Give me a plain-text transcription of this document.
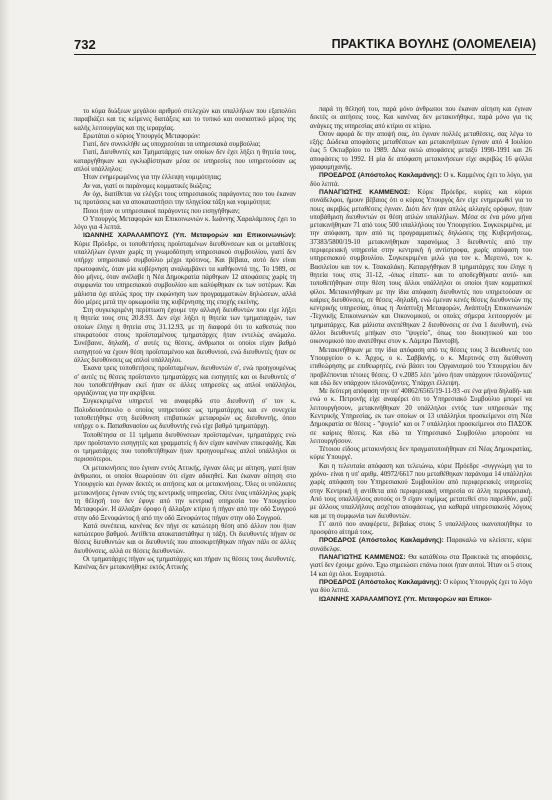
732	ΠΡΑΚΤΙΚΑ ΒΟΥΛΗΣ (ΟΛΟΜΕΛΕΙΑ)

το κύμα διώξεων μεγάλου αριθμού στελεχών και υπαλλήλων που εξαπολύει παραβιάζει και τις κείμενες διατάξεις και το τυπικό και ουσιαστικό μέρος της καλής λειτουργίας και της ιεραρχίας.

Ερωτάται ο κύριος Υπουργός Μεταφορών:

Γιατί, δεν συνεκλήθε ως υποχρεούται τα υπηρεσιακά συμβούλια;

Γιατί, Διευθυντές και Τμηματάρχες των οποίων δεν έχει λήξει η θητεία τους, καταργήθηκαν και εγκλωβίστηκαν μέσα σε υπηρεσίες που υπηρετούσαν ως απλοί υπάλληλοι;

Ήταν ενημερωμένος για την έλλειψη νομιμότητας;

Αν ναι, γιατί οι παράνομες κομματικές διώξεις;

Αν όχι, διατίθεται να ελέγξει τους υπηρεσιακούς παράγοντες που του έκαναν τις προτάσεις και να αποκαταστήσει την πληγείσα τάξη και νομιμότητα;

Ποιοι ήταν οι υπηρεσιακοί παράγοντες που εισηγήθηκαν;

Ο Υπουργός Μεταφορών και Επικοινωνιών κ. Ιωάννης Χαραλάμπους έχει το λόγο για 4 λεπτά.

ΙΩΑΝΝΗΣ ΧΑΡΑΛΑΜΠΟΥΣ (Υπ. Μεταφορών και Επικοινωνιών): Κύριε Πρόεδρε, οι τοποθετήσεις προϊσταμένων διευθύνσεων και οι μεταθέσεις υπαλλήλων έγιναν χωρίς τη γνωμοδότηση υπηρεσιακού συμβουλίου, γιατί δεν υπήρχε υπηρεσιακό συμβούλιο μέχρι πρότινος. Και βέβαια, αυτό δεν είναι πρωτοφανές, όταν μία κυβέρνηση αναλαμβάνει τα καθήκοντά της. Το 1989, σε δύο μήνες, όταν ανέλαβε η Νέα Δημοκρατία πάρθηκαν 12 αποφάσεις χωρίς τη συμφωνία του υπηρεσιακού συμβουλίου και καλύφθηκαν εκ των υστέρων. Και μάλιστα όχι απλώς προς την εκφώνηση των προγραμματικών δηλώσεων, αλλά δύο μέρες μετά την ορκωμοσία της κυβέρνησης της εποχής εκείνης.

Στη συγκεκριμένη περίπτωση έχουμε την αλλαγή διευθυντών που είχε λήξει η θητεία τους στις 20.8.93. Δεν είχε λήξει η θητεία των τμηματαρχών, των οποίων έληγε η θητεία στις 31.12.93, με τη διαφορά ότι το καθεστώς που επικρατούσε στους προϊσταμένους τμηματάρχες ήταν εντελώς ανώμαλο. Συνέβαινε, δηλαδή, σ' αυτές τις θέσεις, άνθρωποι οι οποίοι είχαν βαθμό εισηγητού να έχουν θέση προϊσταμένου και διευθυντού, ενώ διευθυντές ήταν σε άλλες διευθύνσεις ως απλοί υπάλληλοι.

Έκανα τρεις τοποθετήσεις προϊσταμένων, διευθυντών σ', ενώ προηγουμένως σ' αυτές τις θέσεις προΐσταντο τμηματάρχες και εισηγητές και οι διευθυντές σ' που τοποθετήθηκαν εκεί ήταν σε άλλες υπηρεσίες ως απλοί υπάλληλοι, οργιάζοντας για την ακρίβεια.

Συγκεκριμένα υπηρετεί να αναφερθώ στο διευθυντή σ' τον κ. Πολυδουσόπουλο ο οποίος υπηρετούσε ως τμηματάρχης και εν συνεχεία τοποθετήθηκε στη διεύθυνση επιβατικών μεταφορών ως διευθυντής, όπου υπήρχε ο κ. Παπαθανασίου ως διευθυντής ενώ είχε βαθμό τμηματάρχη.

Τοποθέτησα σε 11 τμήματα διευθύνσεων προϊσταμένων, τμηματάρχες ενώ πριν προΐσταντο εισηγητές και γραμματείς ή δεν είχαν κανέναν επικεφαλής. Και οι τμηματάρχες που τοποθετήθηκαν ήταν προηγουμένως απλοί υπάλληλοι οι περισσότεροι.

Οι μετακινήσεις που έγιναν εντός Αττικής, έγιναν όλες με αίτηση, γιατί ήταν άνθρωποι, οι οποίοι θεωρούσαν ότι είχαν αδικηθεί. Και έκαναν αίτηση στο Υπουργείο και έγιναν δεκτές οι αιτήσεις και οι μετακινήσεις. Όλες οι υπόλοιπες μετακινήσεις έγιναν εντός της κεντρικής υπηρεσίας. Ούτε ένας υπάλληλος χωρίς τη θέλησή του δεν έφυγε από την κεντρική υπηρεσία του Υπουργείου Μεταφορών. Η άλλαξαν όροφο ή άλλαξαν κτίριο ή πήγαν από την οδό Συγγρού στην οδό Ξενοφώντος ή από την οδό Ξενοφώντος πήγαν στην οδό Συγγρού.

Κατά συνέπεια, κανένας δεν πήγε σε κατώτερη θέση από άλλον που ήταν κατώτερου βαθμού. Αντίθετα αποκαταστάθηκε η τάξη. Οι διευθυντές πήγαν σε θέσεις διευθυντών και οι διευθυντές που αποσκιρτήθηκαν πήγαν πάλι σε άλλες διευθύνσεις, αλλά σε θέσεις διευθυντών.

Οι τμηματάρχες πήγαν ως τμηματάρχες και πήραν τις θέσεις τους διευθυντές. Κανένας δεν μετακινήθηκε εκτός Αττικής

παρά τη θέλησή του, παρά μόνο άνθρωποι που έκαναν αίτηση και έγιναν δεκτές οι αιτήσεις τους. Και κανένας δεν μετακινήθηκε, παρά μόνο για τις ανάγκες της υπηρεσίας από κτίριο σε κτίριο.

Όσον αφορά δε την αποψή σας, ότι έγιναν πολλές μεταθέσεις, σας λέγω το εξής: Δώδεκα αποφάσεις μεταθέσεων και μετακινήσεων έγιναν από 4 Ιουλίου έως 5 Οκτωβρίου το 1989. Δέκα οκτώ αποφάσεις μεταξύ 1990-1991 και 26 αποφάσεις το 1992. Η μία δε απόφαση μετακινήσεων είχε ακριβώς 16 φύλλα γραφομηχανής.

ΠΡΟΕΔΡΟΣ (Απόστολος Κακλαμάνης): Ο κ. Καμμένος έχει το λόγο, για δύο λεπτά.

ΠΑΝΑΓΙΩΤΗΣ ΚΑΜΜΕΝΟΣ: Κύριε Πρόεδρε, κυρίες και κύριοι συνάδελφοι, ήμουν βέβαιος ότι ο κύριος Υπουργός δεν είχε ενημερωθεί για το ποιες ακριβώς μεταθέσεις έγιναν. Διότι δεν ήταν απλώς αλλαγές ορόφων, ήταν υποβάθμιση διευθυντών σε θέση απλών υπαλλήλων. Μέσα σε ένα μόνο μήνα μετακινήθηκαν 71 από τους 500 υπαλλήλους του Υπουργείου. Συγκεκριμένα, με την απόφαση, πριν από τις προγραμματικές δηλώσεις της Κυβερνήσεως, 37383/5800/19-10 μετακινήθηκαν παρανόμως 3 διευθυντές από την περιφερειακή υπηρεσία στην κεντρική ή αντίστροφα, χωρίς απόφαση του υπηρεσιακού συμβουλίου. Συγκεκριμένα μιλώ για τον κ. Μερτινό, τον κ. Βασιλείου και τον κ. Τσακαλάκη. Καταργήθηκαν 8 τμηματάρχες που έληγε η θητεία τους στις 31-12, -όπως είπατε- και το αποδεχθήκατε αυτό- και τοποθετήθηκαν στην θέση τους άλλοι υπάλληλοι οι οποίοι ήταν κομματικοί φίλοι. Μετακινήθηκαν με την ίδια απόφαση διευθυντές που υπηρετούσαν σε καίριες διευθύνσεις, σε θέσεις -δηλαδή, ενώ έμεναν κενές θέσεις διευθυντών της κεντρικής υπηρεσίας, όπως η Ανάπτυξη Μεταφορών, Ανάπτυξη Επικοινωνιών -Τεχνικής Επικοινωνιών και Οικονομικού, οι οποίες σήμερα λειτουργούν με τμηματάρχες. Και μάλιστα ανεπέθηκαν 2 διευθύνσεις σε ένα 1 διευθυντή, ενώ άλλοι διευθυντές μπήκαν στο "ψυγείο", όπως του διοικητικού και του οικονομικού που ανατέθηκε στον κ. Λάμπρο Παντοβή.

Μετακινήθηκαν με την ίδια απόφαση από τις θέσεις τους 3 διευθυντές του Υπουργείου ο κ. Άρχος, ο κ. Σαββανής, ο κ. Μερτινός στη διεύθυνση επιθεώρησης με επιθεωρητές, ενώ βάσει του Οργανισμού του Υπουργείου δεν προβλέπονται τέτοιες θέσεις. Ο ν.2085 λέει 'μόνο ήταν υπάρχουν πλεονάζοντες' και εδώ δεν υπάρχουν πλεονάζοντες. Υπάρχει έλλειψη.

Με δεύτερη απόφαση την υπ' 40862/6565/19-11-93 -σε ένα μήνα δηλαδή- και ενώ ο κ. Πετρονής είχε αναφέρει ότι το Υπηρεσιακό Συμβούλιο μπορεί να λειτουργήσουν, μετακινήθηκαν 20 υπάλληλοι εντός των υπηρεσιών της Κεντρικής Υπηρεσίας, εκ των οποίων οι 13 υπάλληλοι προσκείμενοι στη Νέα Δημοκρατία σε θέσεις - "ψυγείο" και οι 7 υπάλληλοι προσκείμενοι στο ΠΑΣΟΚ σε καίριες θέσεις. Και εδώ τα Υπηρεσιακό Συμβούλιο μπορούσε να λειτουργήσουν.

Τέτοιου είδους μετακινήσεις δεν πραγματοποιήθηκαν επί Νέας Δημοκρατίας, κύριε Υπουργέ.

Και η τελευταία απόφαση και τελειώνω, κύριε Πρόεδρε -συγγνώμη για το χρόνο- είναι η υπ' αριθμ. 40972/6617 που μεταθέθηκαν παράνομα 14 υπάλληλοι χωρίς απόφαση του Υπηρεσιακού Συμβουλίου από περιφερειακές υπηρεσίες στην Κεντρική ή αντίθετα από περιφερειακή υπηρεσία σε άλλη περιφερειακή. Από τους υπαλλήλους αυτούς οι 9 είχαν νομίμως μετατεθεί στο παρελθόν, μαζί με άλλους υπαλλήλους ασχέτου αποφάσεως, για καθαρά υπηρεσιακούς λόγους και με τη συμφωνία των διευθυντών.

Γι' αυτό που αναφέρετε, βεβαίως στους 5 υπαλλήλους ικανοποιήθηκε το προσφάτο αίτημά τους.

ΠΡΟΕΔΡΟΣ (Απόστολος Κακλαμάνης): Παρακαλώ να κλείσετε, κύριε συνάδελφε.

ΠΑΝΑΓΙΩΤΗΣ ΚΑΜΜΕΝΟΣ: Θα κατάθέσω στα Πρακτικά τις αποφάσεις, γιατί δεν έχουμε χρόνο. Έχω σημειώσει επάνω ποιοι ήταν αυτοί. Ήταν οι 5 στους 14 και όχι όλοι. Ευχαριστώ.

ΠΡΟΕΔΡΟΣ (Απόστολος Κακλαμάνης): Ο κύριος Υπουργός έχει το λόγο για δύο λεπτά.

ΙΩΑΝΝΗΣ ΧΑΡΑΛΑΜΠΟΥΣ (Υπ. Μεταφορών και Επικοι-
